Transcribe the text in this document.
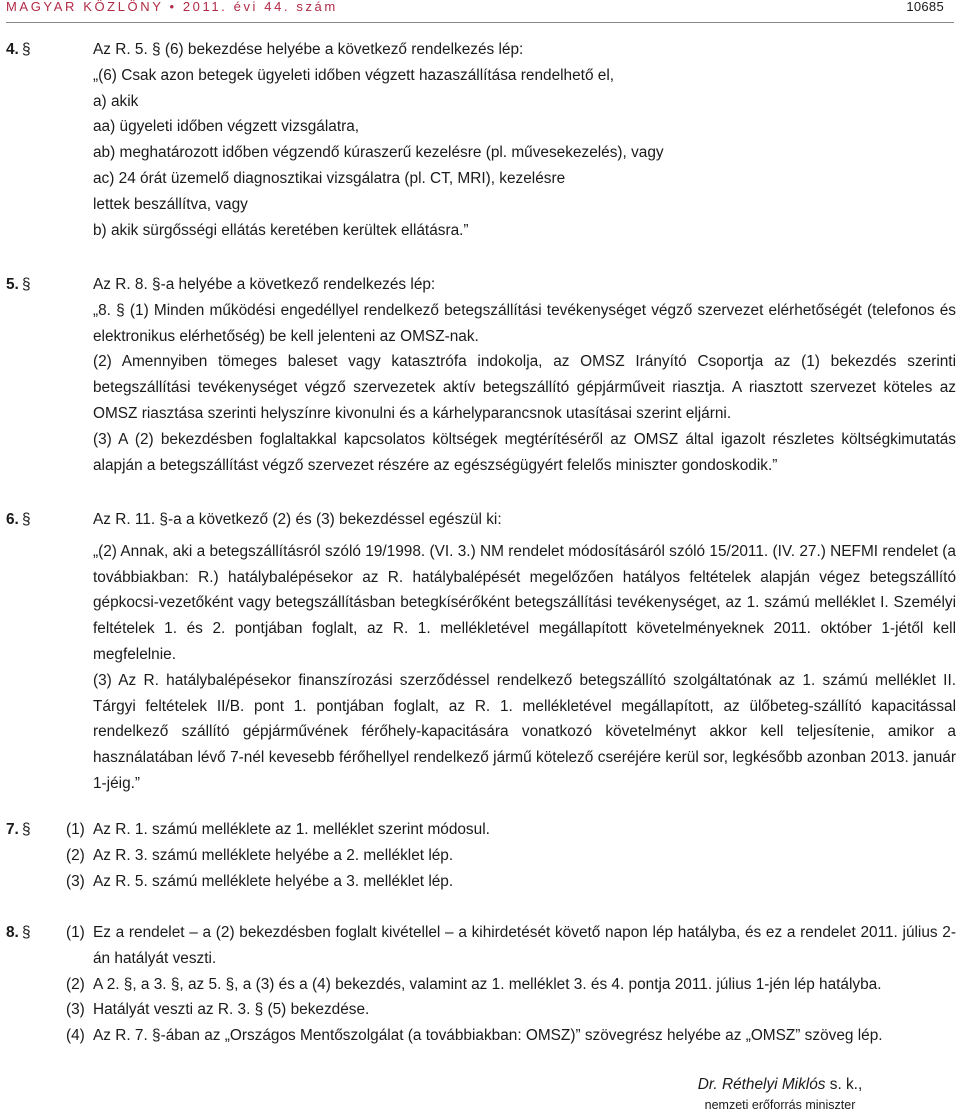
MAGYAR KÖZLÖNY • 2011. évi 44. szám	10685
4. §	Az R. 5. § (6) bekezdése helyébe a következő rendelkezés lép:

„(6) Csak azon betegek ügyeleti időben végzett hazaszállítása rendelhető el,

a) akik

aa) ügyeleti időben végzett vizsgálatra,

ab) meghatározott időben végzendő kúraszerű kezelésre (pl. művesekezelés), vagy

ac) 24 órát üzemelő diagnosztikai vizsgálatra (pl. CT, MRI), kezelésre

lettek beszállítva, vagy

b) akik sürgősségi ellátás keretében kerültek ellátásra.”

5. §	Az R. 8. §-a helyébe a következő rendelkezés lép:

„8. § (1) Minden működési engedéllyel rendelkező betegszállítási tevékenységet végző szervezet elérhetőségét (telefonos és elektronikus elérhetőség) be kell jelenteni az OMSZ-nak.

(2) Amennyiben tömeges baleset vagy katasztrófa indokolja, az OMSZ Irányító Csoportja az (1) bekezdés szerinti betegszállítási tevékenységet végző szervezetek aktív betegszállító gépjárműveit riasztja. A riasztott szervezet köteles az OMSZ riasztása szerinti helyszínre kivonulni és a kárhelyparancsnok utasításai szerint eljárni.

(3) A (2) bekezdésben foglaltakkal kapcsolatos költségek megtérítéséről az OMSZ által igazolt részletes költségkimutatás alapján a betegszállítást végző szervezet részére az egészségügyért felelős miniszter gondoskodik.”

6. §	Az R. 11. §-a a következő (2) és (3) bekezdéssel egészül ki:

„(2) Annak, aki a betegszállításról szóló 19/1998. (VI. 3.) NM rendelet módosításáról szóló 15/2011. (IV. 27.) NEFMI rendelet (a továbbiakban: R.) hatálybalépésekor az R. hatálybalépését megelőzően hatályos feltételek alapján végez betegszállító gépkocsi-vezetőként vagy betegszállításban betegkísérőként betegszállítási tevékenységet, az 1. számú melléklet I. Személyi feltételek 1. és 2. pontjában foglalt, az R. 1. mellékletével megállapított követelményeknek 2011. október 1-jétől kell megfelelnie.

(3) Az R. hatálybalépésekor finanszírozási szerződéssel rendelkező betegszállító szolgáltatónak az 1. számú melléklet II. Tárgyi feltételek II/B. pont 1. pontjában foglalt, az R. 1. mellékletével megállapított, az ülőbeteg-szállító kapacitással rendelkező szállító gépjárművének férőhely-kapacitására vonatkozó követelményt akkor kell teljesítenie, amikor a használatában lévő 7-nél kevesebb férőhellyel rendelkező jármű kötelező cseréjére kerül sor, legkésőbb azonban 2013. január 1-jéig.”

7. § (1) Az R. 1. számú melléklete az 1. melléklet szerint módosul.
(2) Az R. 3. számú melléklete helyébe a 2. melléklet lép.
(3) Az R. 5. számú melléklete helyébe a 3. melléklet lép.
8. § (1) Ez a rendelet – a (2) bekezdésben foglalt kivétellel – a kihirdetését követő napon lép hatályba, és ez a rendelet 2011. július 2-án hatályát veszti.
(2) A 2. §, a 3. §, az 5. §, a (3) és a (4) bekezdés, valamint az 1. melléklet 3. és 4. pontja 2011. július 1-jén lép hatályba.
(3) Hatályát veszti az R. 3. § (5) bekezdése.
(4) Az R. 7. §-ában az „Országos Mentőszolgálat (a továbbiakban: OMSZ)” szövegrész helyébe az „OMSZ” szöveg lép.
Dr. Réthelyi Miklós s. k.,
nemzeti erőforrás miniszter
